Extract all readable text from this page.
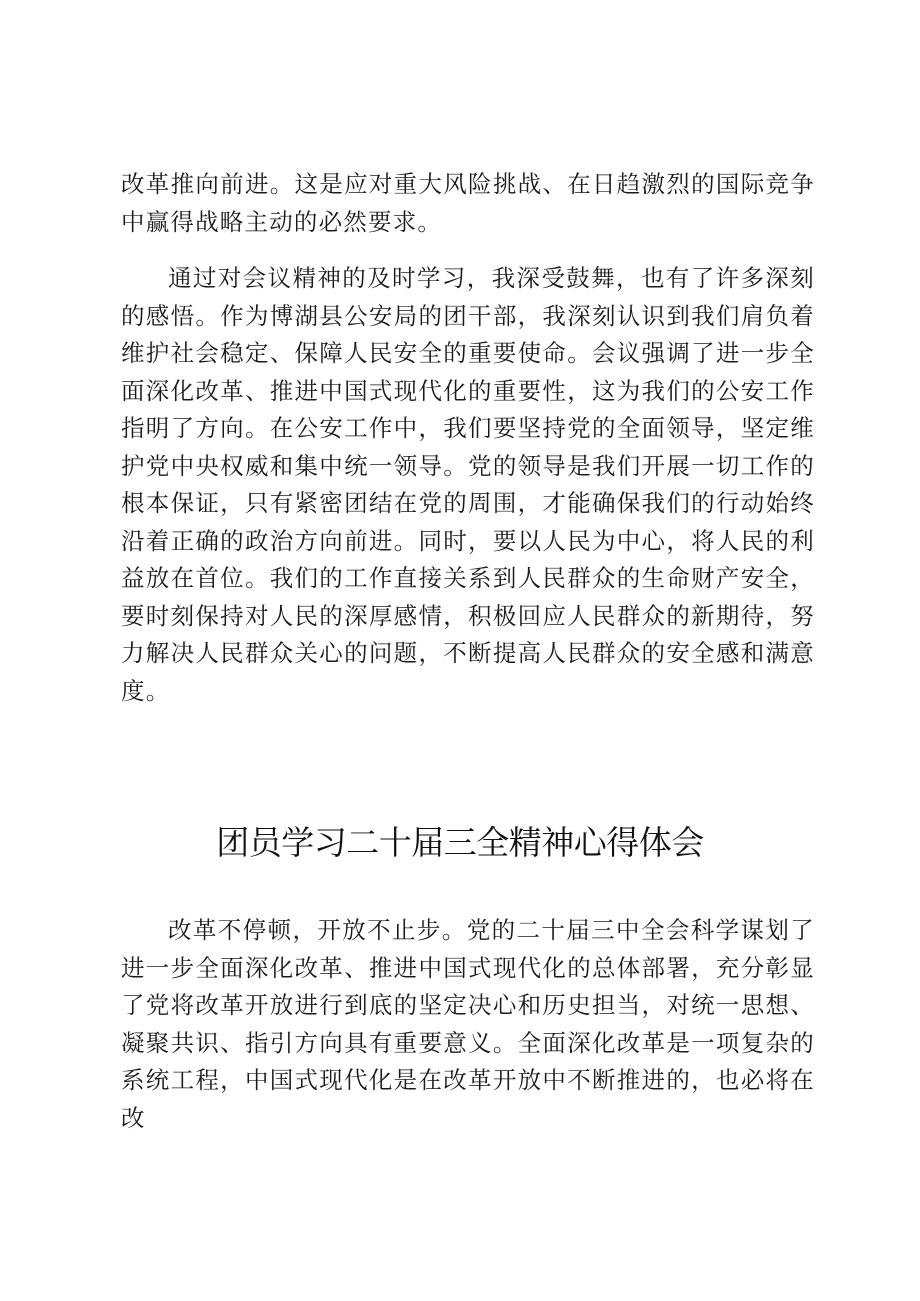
改革推向前进。这是应对重大风险挑战、在日趋激烈的国际竞争中赢得战略主动的必然要求。

通过对会议精神的及时学习，我深受鼓舞，也有了许多深刻的感悟。作为博湖县公安局的团干部，我深刻认识到我们肩负着维护社会稳定、保障人民安全的重要使命。会议强调了进一步全面深化改革、推进中国式现代化的重要性，这为我们的公安工作指明了方向。在公安工作中，我们要坚持党的全面领导，坚定维护党中央权威和集中统一领导。党的领导是我们开展一切工作的根本保证，只有紧密团结在党的周围，才能确保我们的行动始终沿着正确的政治方向前进。同时，要以人民为中心，将人民的利益放在首位。我们的工作直接关系到人民群众的生命财产安全，要时刻保持对人民的深厚感情，积极回应人民群众的新期待，努力解决人民群众关心的问题，不断提高人民群众的安全感和满意度。

团员学习二十届三全精神心得体会

改革不停顿，开放不止步。党的二十届三中全会科学谋划了进一步全面深化改革、推进中国式现代化的总体部署，充分彰显了党将改革开放进行到底的坚定决心和历史担当，对统一思想、凝聚共识、指引方向具有重要意义。全面深化改革是一项复杂的系统工程，中国式现代化是在改革开放中不断推进的，也必将在改
